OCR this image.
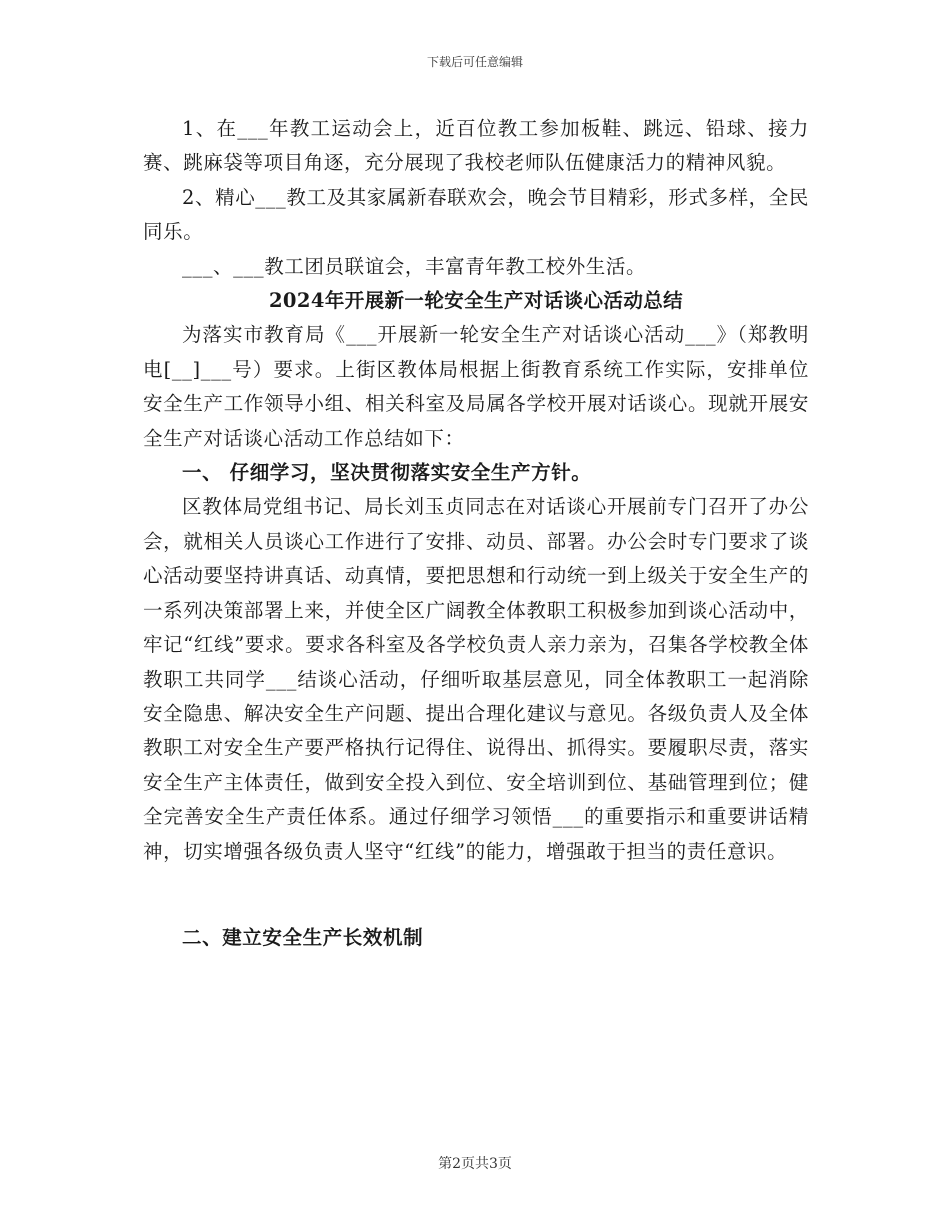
下载后可任意编辑

1、在___年教工运动会上，近百位教工参加板鞋、跳远、铅球、接力赛、跳麻袋等项目角逐，充分展现了我校老师队伍健康活力的精神风貌。

2、精心___教工及其家属新春联欢会，晚会节目精彩，形式多样，全民同乐。

___、___教工团员联谊会，丰富青年教工校外生活。

2024年开展新一轮安全生产对话谈心活动总结

为落实市教育局《___开展新一轮安全生产对话谈心活动___》（郑教明电[__]___号）要求。上街区教体局根据上街教育系统工作实际，安排单位安全生产工作领导小组、相关科室及局属各学校开展对话谈心。现就开展安全生产对话谈心活动工作总结如下：

一、 仔细学习，坚决贯彻落实安全生产方针。

区教体局党组书记、局长刘玉贞同志在对话谈心开展前专门召开了办公会，就相关人员谈心工作进行了安排、动员、部署。办公会时专门要求了谈心活动要坚持讲真话、动真情，要把思想和行动统一到上级关于安全生产的一系列决策部署上来，并使全区广阔教全体教职工积极参加到谈心活动中，牢记“红线”要求。要求各科室及各学校负责人亲力亲为，召集各学校教全体教职工共同学___结谈心活动，仔细听取基层意见，同全体教职工一起消除安全隐患、解决安全生产问题、提出合理化建议与意见。各级负责人及全体教职工对安全生产要严格执行记得住、说得出、抓得实。要履职尽责，落实安全生产主体责任，做到安全投入到位、安全培训到位、基础管理到位；健全完善安全生产责任体系。通过仔细学习领悟___的重要指示和重要讲话精神，切实增强各级负责人坚守“红线”的能力，增强敢于担当的责任意识。

二、建立安全生产长效机制

第2页共3页
